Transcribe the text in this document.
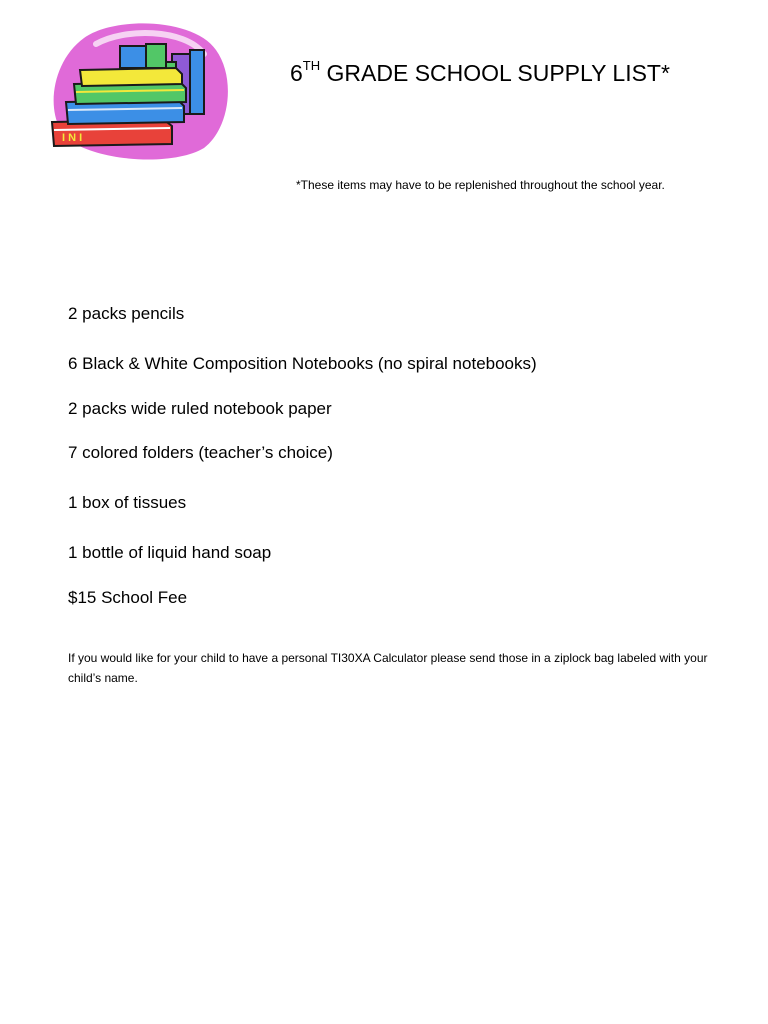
I N I
6TH GRADE SCHOOL SUPPLY LIST*
*These items may have to be replenished throughout the school year.
2 packs pencils
6 Black & White Composition Notebooks (no spiral notebooks)
2 packs wide ruled notebook paper
7 colored folders (teacher’s choice)
1 box of tissues
1 bottle of liquid hand soap
$15 School Fee
If you would like for your child to have a personal TI30XA Calculator please send those in a ziplock bag labeled with your child’s name.
